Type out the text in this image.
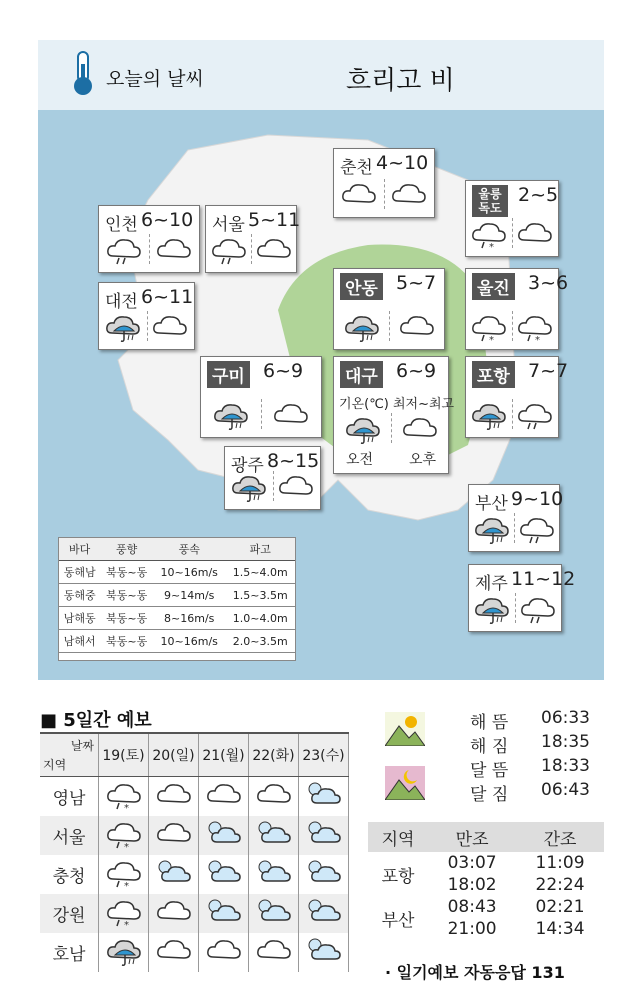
오늘의 날씨	흐리고 비
춘천 4~10
인천 6~10 서울 5~11
울릉 독도
2~5
*
대전 6~11	안동 5~7 울진 3~6
*	*
구미 6~9 대구 6~9
기온(℃) 최저~최고
오전	오후
포항 7~7
광주 8~15
부산 9~10
제주 11~12
바다	풍향	풍속	파고
동해남	북동~동	10~16m/s	1.5~4.0m
동해중	북동~동	9~14m/s	1.5~3.5m
남해동	북동~동	8~16m/s	1.0~4.0m
남해서	북동~동	10~16m/s	2.0~3.5m
■ 5일간 예보
날짜
지역	19(토)	20(일)	21(월)	22(화)	23(수)
영남	*

서울	*

충청	*

강원	*

호남					
해 뜸 06:33
해 짐 18:35
달 뜸 18:33
달 짐 06:43
지역	만조	간조
포항	03:07	11:09
	18:02	22:24
부산	08:43	02:21
	21:00	14:34
· 일기예보 자동응답 131
